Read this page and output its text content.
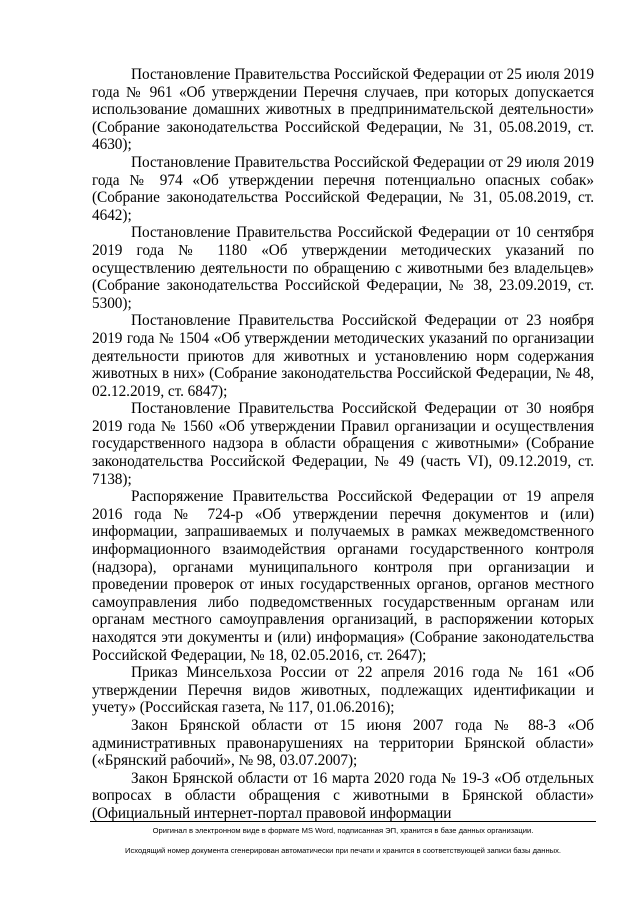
Постановление Правительства Российской Федерации от 25 июля 2019 года № 961 «Об утверждении Перечня случаев, при которых допускается использование домашних животных в предпринимательской деятельности» (Собрание законодательства Российской Федерации, № 31, 05.08.2019, ст. 4630);

Постановление Правительства Российской Федерации от 29 июля 2019 года № 974 «Об утверждении перечня потенциально опасных собак» (Собрание законодательства Российской Федерации, № 31, 05.08.2019, ст. 4642);

Постановление Правительства Российской Федерации от 10 сентября 2019 года № 1180 «Об утверждении методических указаний по осуществлению деятельности по обращению с животными без владельцев» (Собрание законодательства Российской Федерации, № 38, 23.09.2019, ст. 5300);

Постановление Правительства Российской Федерации от 23 ноября 2019 года № 1504 «Об утверждении методических указаний по организации деятельности приютов для животных и установлению норм содержания животных в них» (Собрание законодательства Российской Федерации, № 48, 02.12.2019, ст. 6847);

Постановление Правительства Российской Федерации от 30 ноября 2019 года № 1560 «Об утверждении Правил организации и осуществления государственного надзора в области обращения с животными» (Собрание законодательства Российской Федерации, № 49 (часть VI), 09.12.2019, ст. 7138);

Распоряжение Правительства Российской Федерации от 19 апреля 2016 года № 724-р «Об утверждении перечня документов и (или) информации, запрашиваемых и получаемых в рамках межведомственного информационного взаимодействия органами государственного контроля (надзора), органами муниципального контроля при организации и проведении проверок от иных государственных органов, органов местного самоуправления либо подведомственных государственным органам или органам местного самоуправления организаций, в распоряжении которых находятся эти документы и (или) информация» (Собрание законодательства Российской Федерации, № 18, 02.05.2016, ст. 2647);

Приказ Минсельхоза России от 22 апреля 2016 года № 161 «Об утверждении Перечня видов животных, подлежащих идентификации и учету» (Российская газета, № 117, 01.06.2016);

Закон Брянской области от 15 июня 2007 года № 88-З «Об административных правонарушениях на территории Брянской области» («Брянский рабочий», № 98, 03.07.2007);

Закон Брянской области от 16 марта 2020 года № 19-З «Об отдельных вопросах в области обращения с животными в Брянской области» (Официальный интернет-портал правовой информации

Оригинал в электронном виде в формате MS Word, подписанная ЭП, хранится в базе данных организации.
Исходящий номер документа сгенерирован автоматически при печати и хранится в соответствующей записи базы данных.
